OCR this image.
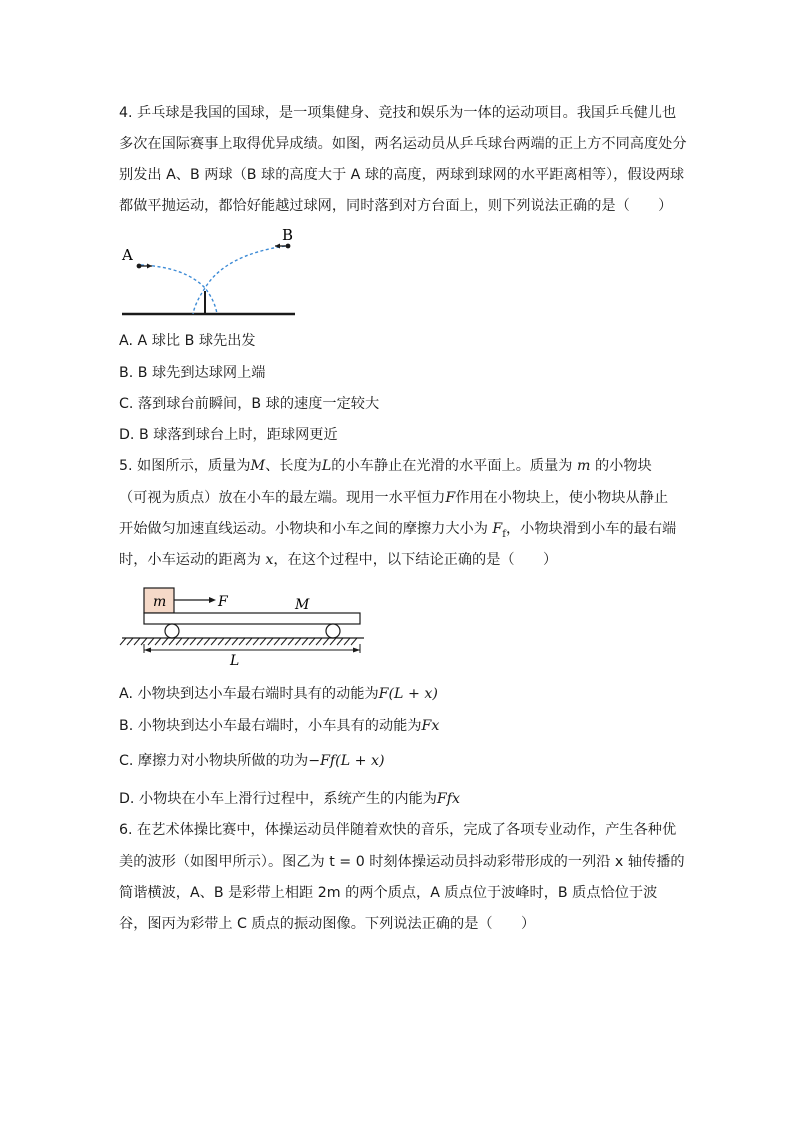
4. 乒乓球是我国的国球，是一项集健身、竞技和娱乐为一体的运动项目。我国乒乓健儿也
多次在国际赛事上取得优异成绩。如图，两名运动员从乒乓球台两端的正上方不同高度处分
别发出 A、B 两球（B 球的高度大于 A 球的高度，两球到球网的水平距离相等），假设两球
都做平抛运动，都恰好能越过球网，同时落到对方台面上，则下列说法正确的是（　　）
A
B
A. A 球比 B 球先出发
B. B 球先到达球网上端
C. 落到球台前瞬间，B 球的速度一定较大
D. B 球落到球台上时，距球网更近
5. 如图所示，质量为M、长度为L的小车静止在光滑的水平面上。质量为 m 的小物块
（可视为质点）放在小车的最左端。现用一水平恒力F作用在小物块上，使小物块从静止
开始做匀加速直线运动。小物块和小车之间的摩擦力大小为 $F_f$，小物块滑到小车的最右端
时，小车运动的距离为 x，在这个过程中，以下结论正确的是（　　）
m	F	M
L
A. 小物块到达小车最右端时具有的动能为F(L + x)
B. 小物块到达小车最右端时，小车具有的动能为Fx
C. 摩擦力对小物块所做的功为−Ff(L + x)
D. 小物块在小车上滑行过程中，系统产生的内能为Ffx
6. 在艺术体操比赛中，体操运动员伴随着欢快的音乐，完成了各项专业动作，产生各种优
美的波形（如图甲所示）。图乙为 t = 0 时刻体操运动员抖动彩带形成的一列沿 x 轴传播的
简谐横波，A、B 是彩带上相距 2m 的两个质点，A 质点位于波峰时，B 质点恰位于波
谷，图丙为彩带上 C 质点的振动图像。下列说法正确的是（　　）
